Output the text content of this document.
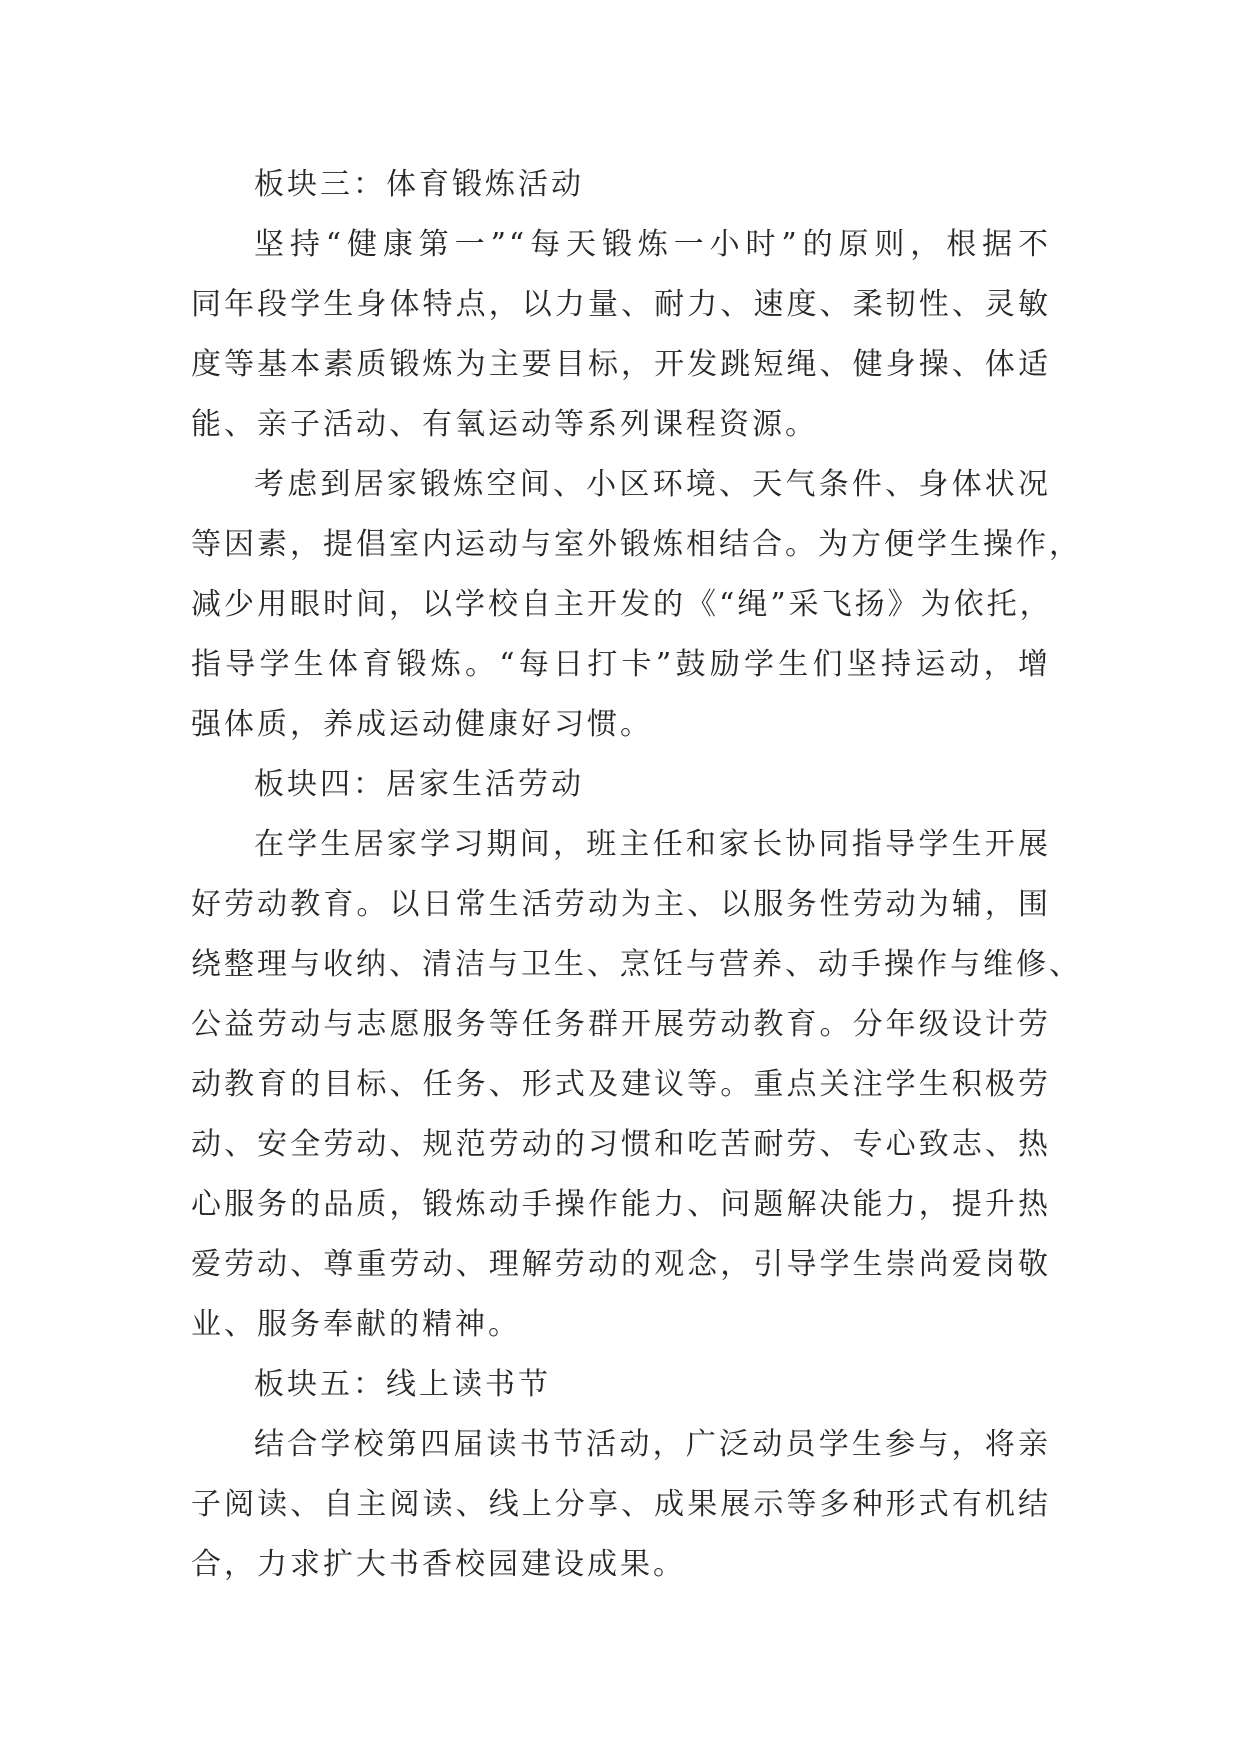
板块三：体育锻炼活动
坚持“健康第一”“每天锻炼一小时”的原则，根据不
同年段学生身体特点，以力量、耐力、速度、柔韧性、灵敏
度等基本素质锻炼为主要目标，开发跳短绳、健身操、体适
能、亲子活动、有氧运动等系列课程资源。
考虑到居家锻炼空间、小区环境、天气条件、身体状况
等因素，提倡室内运动与室外锻炼相结合。为方便学生操作，
减少用眼时间，以学校自主开发的《“绳”采飞扬》为依托，
指导学生体育锻炼。“每日打卡”鼓励学生们坚持运动，增
强体质，养成运动健康好习惯。
板块四：居家生活劳动
在学生居家学习期间，班主任和家长协同指导学生开展
好劳动教育。以日常生活劳动为主、以服务性劳动为辅，围
绕整理与收纳、清洁与卫生、烹饪与营养、动手操作与维修、
公益劳动与志愿服务等任务群开展劳动教育。分年级设计劳
动教育的目标、任务、形式及建议等。重点关注学生积极劳
动、安全劳动、规范劳动的习惯和吃苦耐劳、专心致志、热
心服务的品质，锻炼动手操作能力、问题解决能力，提升热
爱劳动、尊重劳动、理解劳动的观念，引导学生崇尚爱岗敬
业、服务奉献的精神。
板块五：线上读书节
结合学校第四届读书节活动，广泛动员学生参与，将亲
子阅读、自主阅读、线上分享、成果展示等多种形式有机结
合，力求扩大书香校园建设成果。
